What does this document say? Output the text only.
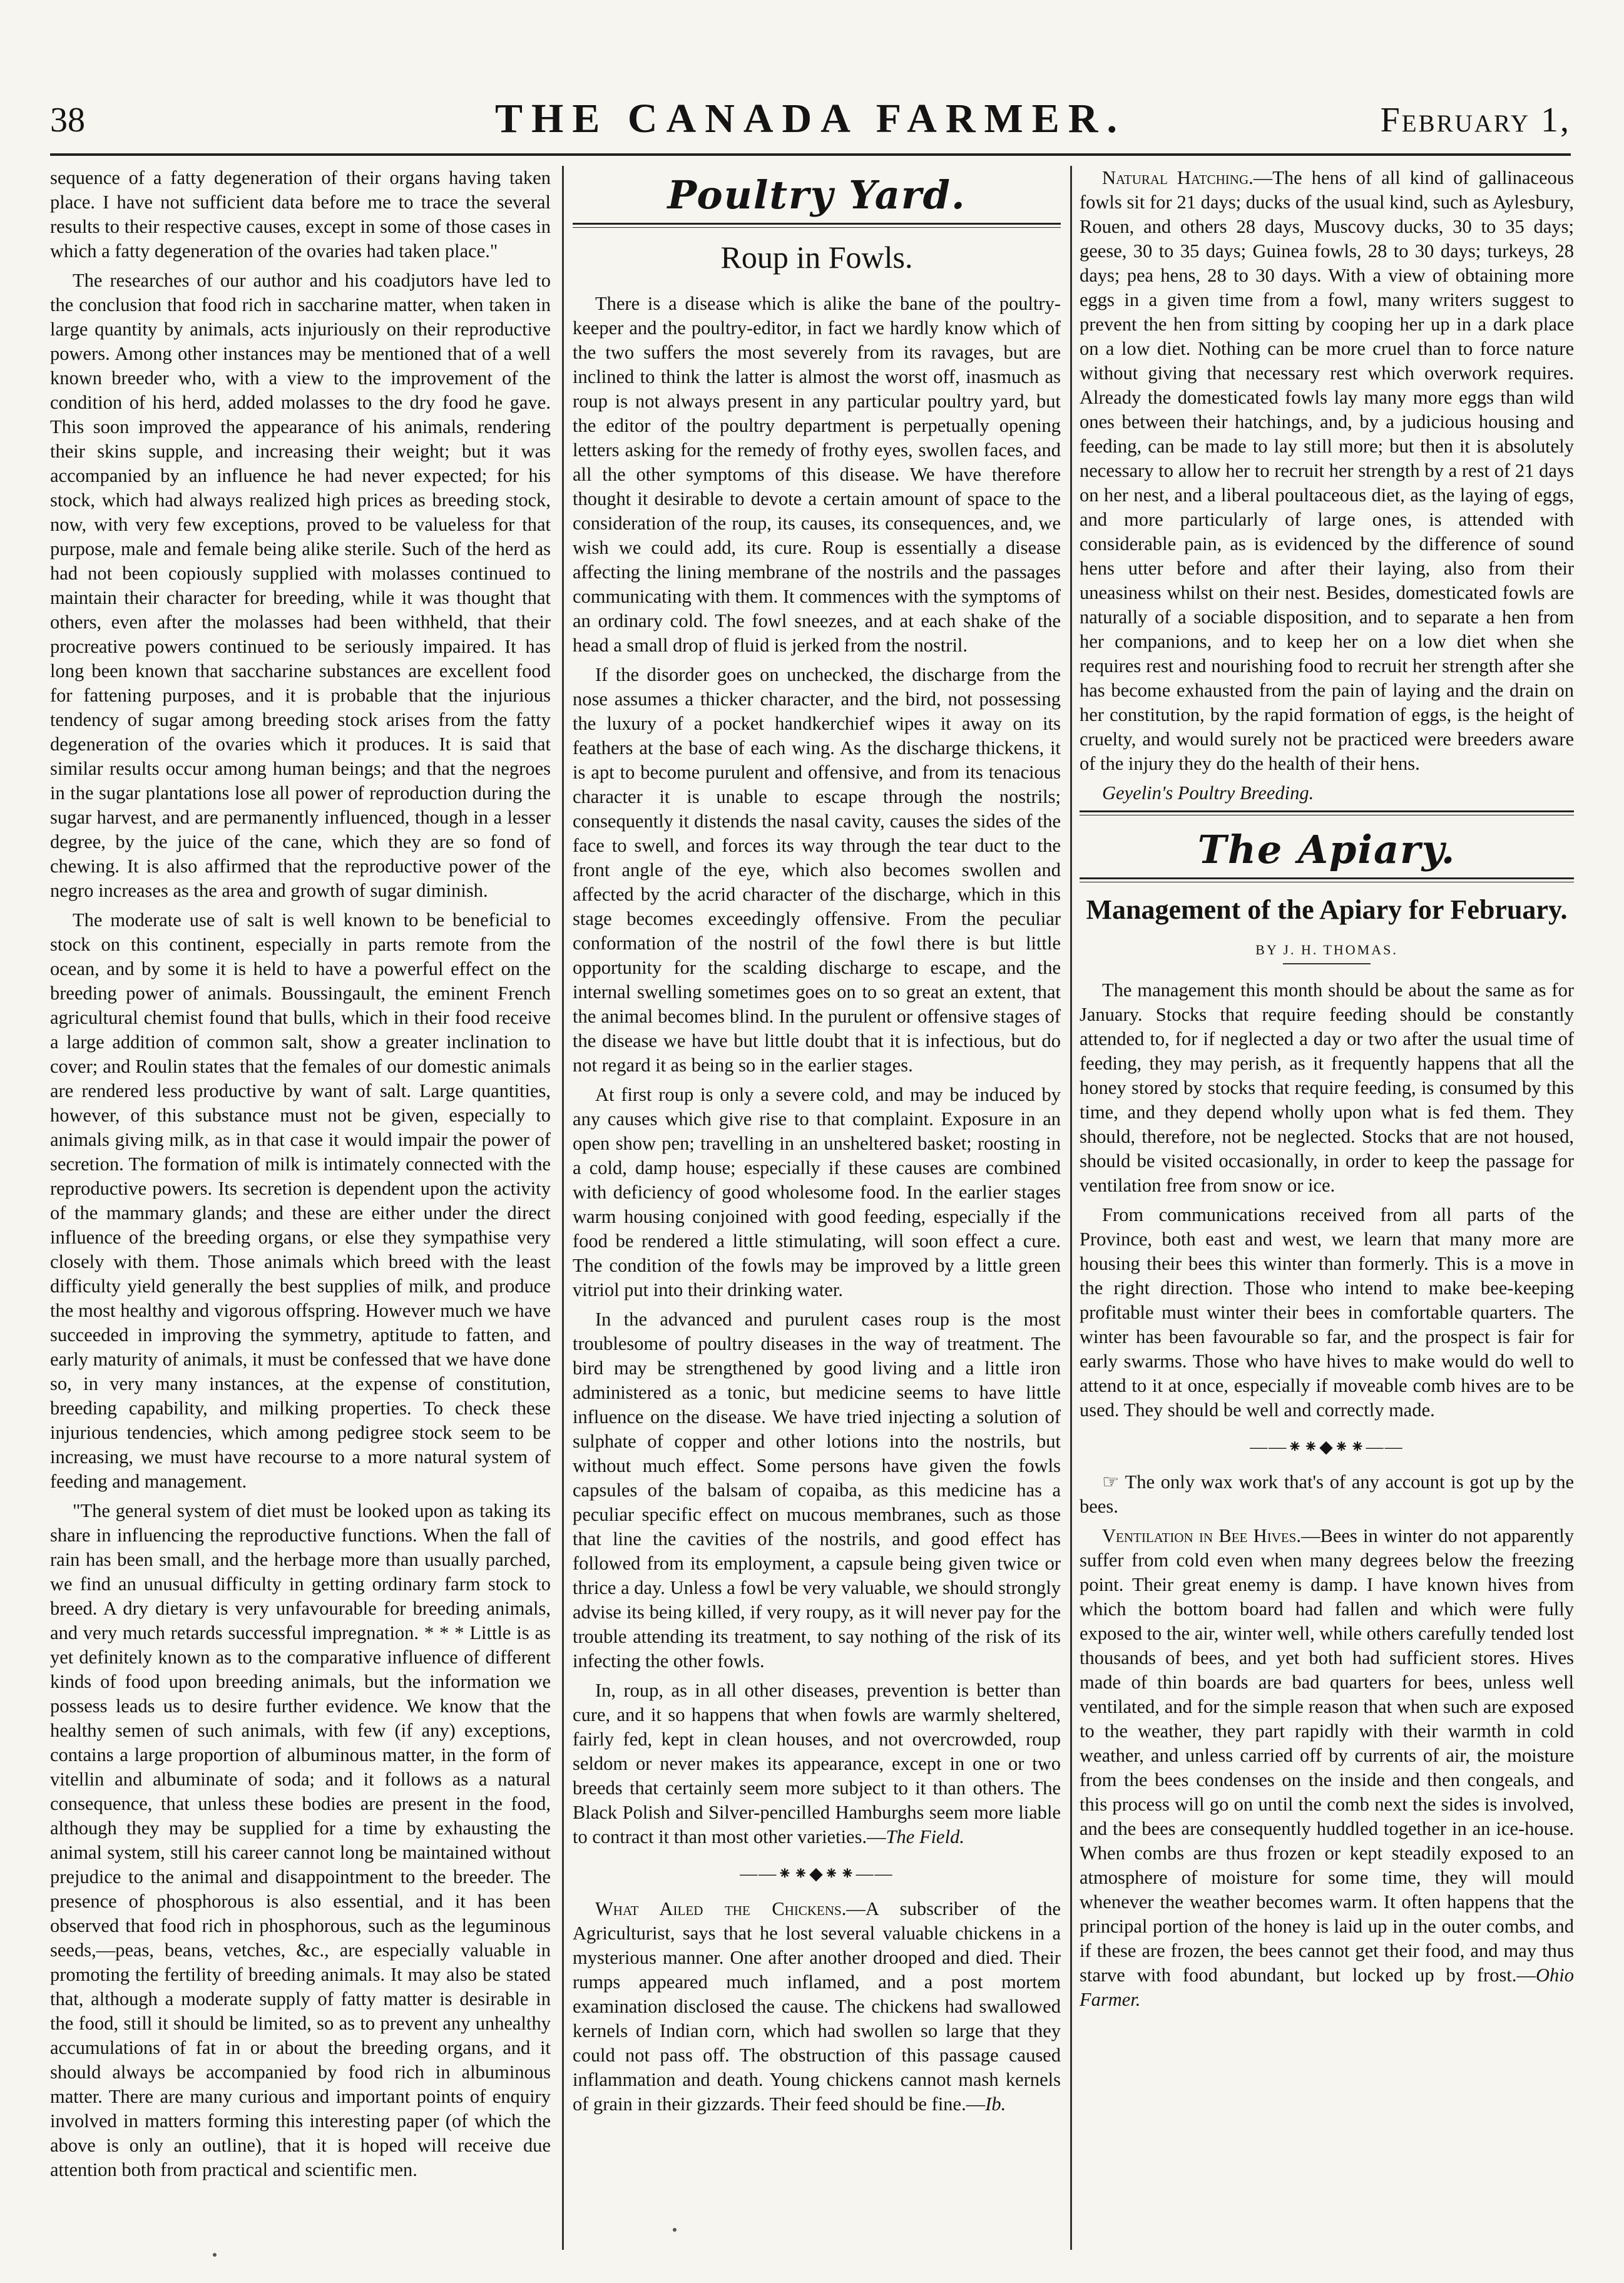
38	THE CANADA FARMER.	February 1,

sequence of a fatty degeneration of their organs having taken place. I have not sufficient data before me to trace the several results to their respective causes, except in some of those cases in which a fatty degeneration of the ovaries had taken place."

The researches of our author and his coadjutors have led to the conclusion that food rich in saccharine matter, when taken in large quantity by animals, acts injuriously on their reproductive powers. Among other instances may be mentioned that of a well known breeder who, with a view to the improvement of the condition of his herd, added molasses to the dry food he gave. This soon improved the appearance of his animals, rendering their skins supple, and increasing their weight; but it was accompanied by an influence he had never expected; for his stock, which had always realized high prices as breeding stock, now, with very few exceptions, proved to be valueless for that purpose, male and female being alike sterile. Such of the herd as had not been copiously supplied with molasses continued to maintain their character for breeding, while it was thought that others, even after the molasses had been withheld, that their procreative powers continued to be seriously impaired. It has long been known that saccharine substances are excellent food for fattening purposes, and it is probable that the injurious tendency of sugar among breeding stock arises from the fatty degeneration of the ovaries which it produces. It is said that similar results occur among human beings; and that the negroes in the sugar plantations lose all power of reproduction during the sugar harvest, and are permanently influenced, though in a lesser degree, by the juice of the cane, which they are so fond of chewing. It is also affirmed that the reproductive power of the negro increases as the area and growth of sugar diminish.

The moderate use of salt is well known to be beneficial to stock on this continent, especially in parts remote from the ocean, and by some it is held to have a powerful effect on the breeding power of animals. Boussingault, the eminent French agricultural chemist found that bulls, which in their food receive a large addition of common salt, show a greater inclination to cover; and Roulin states that the females of our domestic animals are rendered less productive by want of salt. Large quantities, however, of this substance must not be given, especially to animals giving milk, as in that case it would impair the power of secretion. The formation of milk is intimately connected with the reproductive powers. Its secretion is dependent upon the activity of the mammary glands; and these are either under the direct influence of the breeding organs, or else they sympathise very closely with them. Those animals which breed with the least difficulty yield generally the best supplies of milk, and produce the most healthy and vigorous offspring. However much we have succeeded in improving the symmetry, aptitude to fatten, and early maturity of animals, it must be confessed that we have done so, in very many instances, at the expense of constitution, breeding capability, and milking properties. To check these injurious tendencies, which among pedigree stock seem to be increasing, we must have recourse to a more natural system of feeding and management.

"The general system of diet must be looked upon as taking its share in influencing the reproductive functions. When the fall of rain has been small, and the herbage more than usually parched, we find an unusual difficulty in getting ordinary farm stock to breed. A dry dietary is very unfavourable for breeding animals, and very much retards successful impregnation. * * * Little is as yet definitely known as to the comparative influence of different kinds of food upon breeding animals, but the information we possess leads us to desire further evidence. We know that the healthy semen of such animals, with few (if any) exceptions, contains a large proportion of albuminous matter, in the form of vitellin and albuminate of soda; and it follows as a natural consequence, that unless these bodies are present in the food, although they may be supplied for a time by exhausting the animal system, still his career cannot long be maintained without prejudice to the animal and disappointment to the breeder. The presence of phosphorous is also essential, and it has been observed that food rich in phosphorous, such as the leguminous seeds,—peas, beans, vetches, &c., are especially valuable in promoting the fertility of breeding animals. It may also be stated that, although a moderate supply of fatty matter is desirable in the food, still it should be limited, so as to prevent any unhealthy accumulations of fat in or about the breeding organs, and it should always be accompanied by food rich in albuminous matter. There are many curious and important points of enquiry involved in matters forming this interesting paper (of which the above is only an outline), that it is hoped will receive due attention both from practical and scientific men.

Poultry Yard.
Roup in Fowls.

There is a disease which is alike the bane of the poultry-keeper and the poultry-editor, in fact we hardly know which of the two suffers the most severely from its ravages, but are inclined to think the latter is almost the worst off, inasmuch as roup is not always present in any particular poultry yard, but the editor of the poultry department is perpetually opening letters asking for the remedy of frothy eyes, swollen faces, and all the other symptoms of this disease. We have therefore thought it desirable to devote a certain amount of space to the consideration of the roup, its causes, its consequences, and, we wish we could add, its cure. Roup is essentially a disease affecting the lining membrane of the nostrils and the passages communicating with them. It commences with the symptoms of an ordinary cold. The fowl sneezes, and at each shake of the head a small drop of fluid is jerked from the nostril.

If the disorder goes on unchecked, the discharge from the nose assumes a thicker character, and the bird, not possessing the luxury of a pocket handkerchief wipes it away on its feathers at the base of each wing. As the discharge thickens, it is apt to become purulent and offensive, and from its tenacious character it is unable to escape through the nostrils; consequently it distends the nasal cavity, causes the sides of the face to swell, and forces its way through the tear duct to the front angle of the eye, which also becomes swollen and affected by the acrid character of the discharge, which in this stage becomes exceedingly offensive. From the peculiar conformation of the nostril of the fowl there is but little opportunity for the scalding discharge to escape, and the internal swelling sometimes goes on to so great an extent, that the animal becomes blind. In the purulent or offensive stages of the disease we have but little doubt that it is infectious, but do not regard it as being so in the earlier stages.

At first roup is only a severe cold, and may be induced by any causes which give rise to that complaint. Exposure in an open show pen; travelling in an unsheltered basket; roosting in a cold, damp house; especially if these causes are combined with deficiency of good wholesome food. In the earlier stages warm housing conjoined with good feeding, especially if the food be rendered a little stimulating, will soon effect a cure. The condition of the fowls may be improved by a little green vitriol put into their drinking water.

In the advanced and purulent cases roup is the most troublesome of poultry diseases in the way of treatment. The bird may be strengthened by good living and a little iron administered as a tonic, but medicine seems to have little influence on the disease. We have tried injecting a solution of sulphate of copper and other lotions into the nostrils, but without much effect. Some persons have given the fowls capsules of the balsam of copaiba, as this medicine has a peculiar specific effect on mucous membranes, such as those that line the cavities of the nostrils, and good effect has followed from its employment, a capsule being given twice or thrice a day. Unless a fowl be very valuable, we should strongly advise its being killed, if very roupy, as it will never pay for the trouble attending its treatment, to say nothing of the risk of its infecting the other fowls.

In, roup, as in all other diseases, prevention is better than cure, and it so happens that when fowls are warmly sheltered, fairly fed, kept in clean houses, and not overcrowded, roup seldom or never makes its appearance, except in one or two breeds that certainly seem more subject to it than others. The Black Polish and Silver-pencilled Hamburghs seem more liable to contract it than most other varieties.—The Field.

——⁕⁕◆⁕⁕——

What Ailed the Chickens.—A subscriber of the Agriculturist, says that he lost several valuable chickens in a mysterious manner. One after another drooped and died. Their rumps appeared much inflamed, and a post mortem examination disclosed the cause. The chickens had swallowed kernels of Indian corn, which had swollen so large that they could not pass off. The obstruction of this passage caused inflammation and death. Young chickens cannot mash kernels of grain in their gizzards. Their feed should be fine.—Ib.

Natural Hatching.—The hens of all kind of gallinaceous fowls sit for 21 days; ducks of the usual kind, such as Aylesbury, Rouen, and others 28 days, Muscovy ducks, 30 to 35 days; geese, 30 to 35 days; Guinea fowls, 28 to 30 days; turkeys, 28 days; pea hens, 28 to 30 days. With a view of obtaining more eggs in a given time from a fowl, many writers suggest to prevent the hen from sitting by cooping her up in a dark place on a low diet. Nothing can be more cruel than to force nature without giving that necessary rest which overwork requires. Already the domesticated fowls lay many more eggs than wild ones between their hatchings, and, by a judicious housing and feeding, can be made to lay still more; but then it is absolutely necessary to allow her to recruit her strength by a rest of 21 days on her nest, and a liberal poultaceous diet, as the laying of eggs, and more particularly of large ones, is attended with considerable pain, as is evidenced by the difference of sound hens utter before and after their laying, also from their uneasiness whilst on their nest. Besides, domesticated fowls are naturally of a sociable disposition, and to separate a hen from her companions, and to keep her on a low diet when she requires rest and nourishing food to recruit her strength after she has become exhausted from the pain of laying and the drain on her constitution, by the rapid formation of eggs, is the height of cruelty, and would surely not be practiced were breeders aware of the injury they do the health of their hens.

Geyelin's Poultry Breeding.

The Apiary.
Management of the Apiary for February.
BY J. H. THOMAS.

The management this month should be about the same as for January. Stocks that require feeding should be constantly attended to, for if neglected a day or two after the usual time of feeding, they may perish, as it frequently happens that all the honey stored by stocks that require feeding, is consumed by this time, and they depend wholly upon what is fed them. They should, therefore, not be neglected. Stocks that are not housed, should be visited occasionally, in order to keep the passage for ventilation free from snow or ice.

From communications received from all parts of the Province, both east and west, we learn that many more are housing their bees this winter than formerly. This is a move in the right direction. Those who intend to make bee-keeping profitable must winter their bees in comfortable quarters. The winter has been favourable so far, and the prospect is fair for early swarms. Those who have hives to make would do well to attend to it at once, especially if moveable comb hives are to be used. They should be well and correctly made.

——⁕⁕◆⁕⁕——

☞ The only wax work that's of any account is got up by the bees.

Ventilation in Bee Hives.—Bees in winter do not apparently suffer from cold even when many degrees below the freezing point. Their great enemy is damp. I have known hives from which the bottom board had fallen and which were fully exposed to the air, winter well, while others carefully tended lost thousands of bees, and yet both had sufficient stores. Hives made of thin boards are bad quarters for bees, unless well ventilated, and for the simple reason that when such are exposed to the weather, they part rapidly with their warmth in cold weather, and unless carried off by currents of air, the moisture from the bees condenses on the inside and then congeals, and this process will go on until the comb next the sides is involved, and the bees are consequently huddled together in an ice-house. When combs are thus frozen or kept steadily exposed to an atmosphere of moisture for some time, they will mould whenever the weather becomes warm. It often happens that the principal portion of the honey is laid up in the outer combs, and if these are frozen, the bees cannot get their food, and may thus starve with food abundant, but locked up by frost.—Ohio Farmer.
